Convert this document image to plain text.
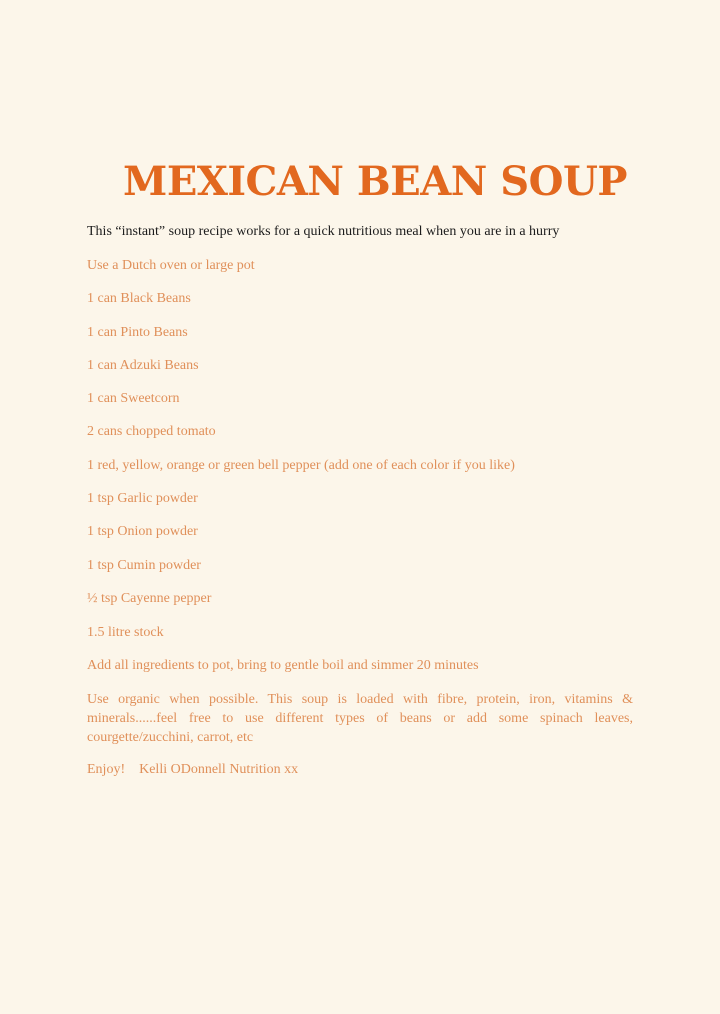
MEXICAN BEAN SOUP
This “instant” soup recipe works for a quick nutritious meal when you are in a hurry
Use a Dutch oven or large pot
1 can Black Beans
1 can Pinto Beans
1 can Adzuki Beans
1 can Sweetcorn
2 cans chopped tomato
1 red, yellow, orange or green bell pepper (add one of each color if you like)
1 tsp Garlic powder
1 tsp Onion powder
1 tsp Cumin powder
½ tsp Cayenne pepper
1.5 litre stock
Add all ingredients to pot, bring to gentle boil and simmer 20 minutes
Use organic when possible. This soup is loaded with fibre, protein, iron, vitamins & minerals......feel free to use different types of beans or add some spinach leaves, courgette/zucchini, carrot, etc
Enjoy! Kelli ODonnell Nutrition xx
